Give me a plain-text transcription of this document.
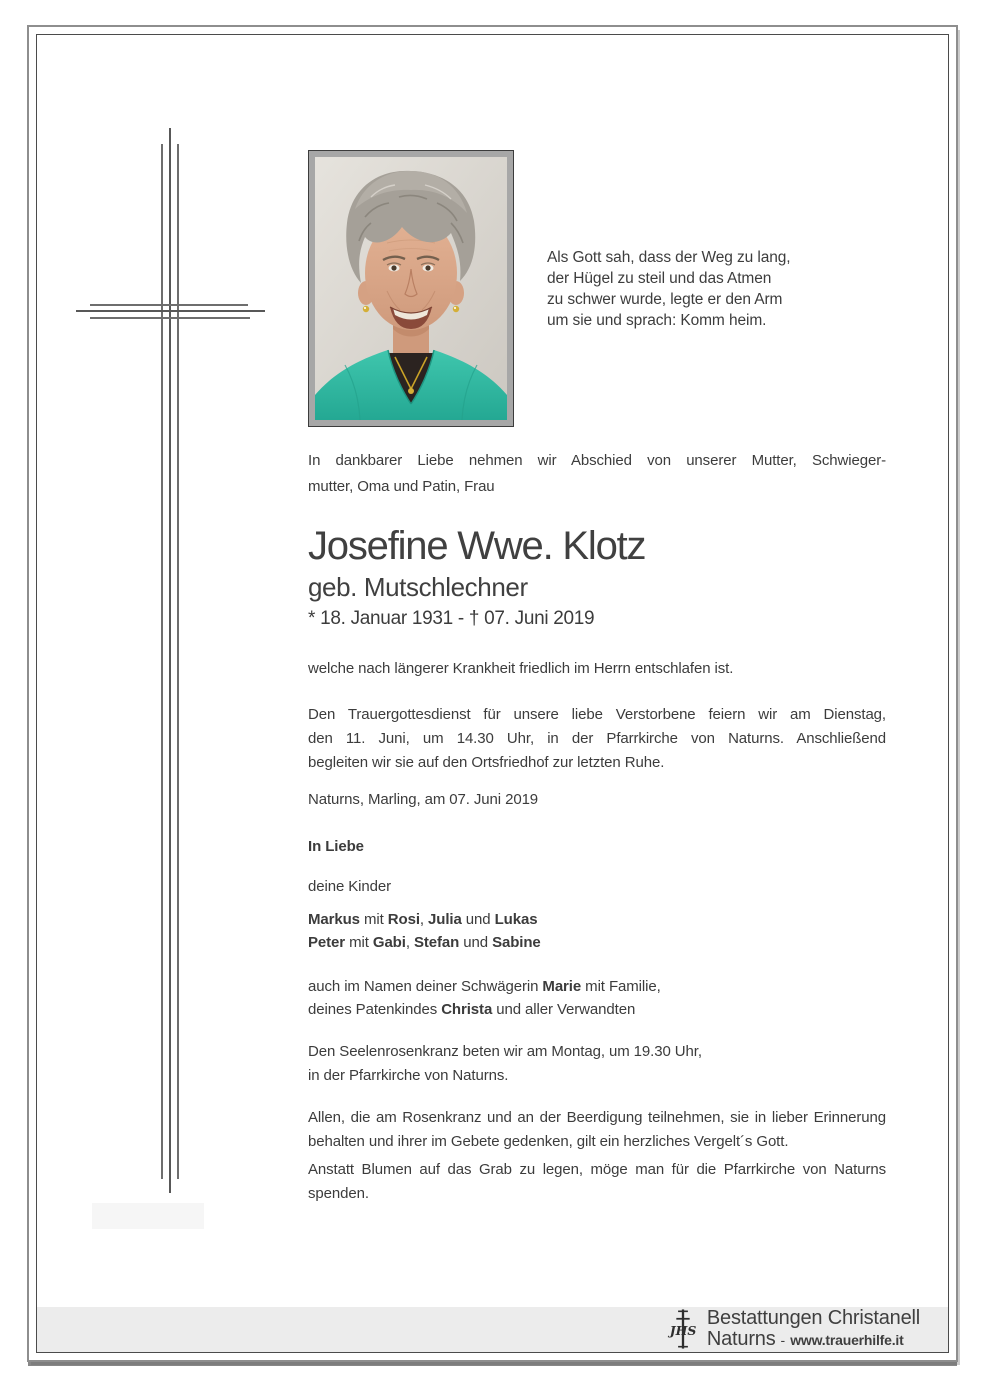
Als Gott sah, dass der Weg zu lang,
der Hügel zu steil und das Atmen
zu schwer wurde, legte er den Arm
um sie und sprach: Komm heim.
In dankbarer Liebe nehmen wir Abschied von unserer Mutter, Schwieger-
mutter, Oma und Patin, Frau
Josefine Wwe. Klotz
geb. Mutschlechner
* 18. Januar 1931 - † 07. Juni 2019
welche nach längerer Krankheit friedlich im Herrn entschlafen ist.
Den Trauergottesdienst für unsere liebe Verstorbene feiern wir am Dienstag,
den 11. Juni, um 14.30 Uhr, in der Pfarrkirche von Naturns. Anschließend
begleiten wir sie auf den Ortsfriedhof zur letzten Ruhe.
Naturns, Marling, am 07. Juni 2019
In Liebe
deine Kinder
Markus mit Rosi, Julia und Lukas
Peter mit Gabi, Stefan und Sabine
auch im Namen deiner Schwägerin Marie mit Familie,
deines Patenkindes Christa und aller Verwandten
Den Seelenrosenkranz beten wir am Montag, um 19.30 Uhr,
in der Pfarrkirche von Naturns.
Allen, die am Rosenkranz und an der Beerdigung teilnehmen, sie in lieber Erinnerung
behalten und ihrer im Gebete gedenken, gilt ein herzliches Vergelt´s Gott.
Anstatt Blumen auf das Grab zu legen, möge man für die Pfarrkirche von Naturns
spenden.
JHS
Bestattungen Christanell
Naturns - www.trauerhilfe.it
